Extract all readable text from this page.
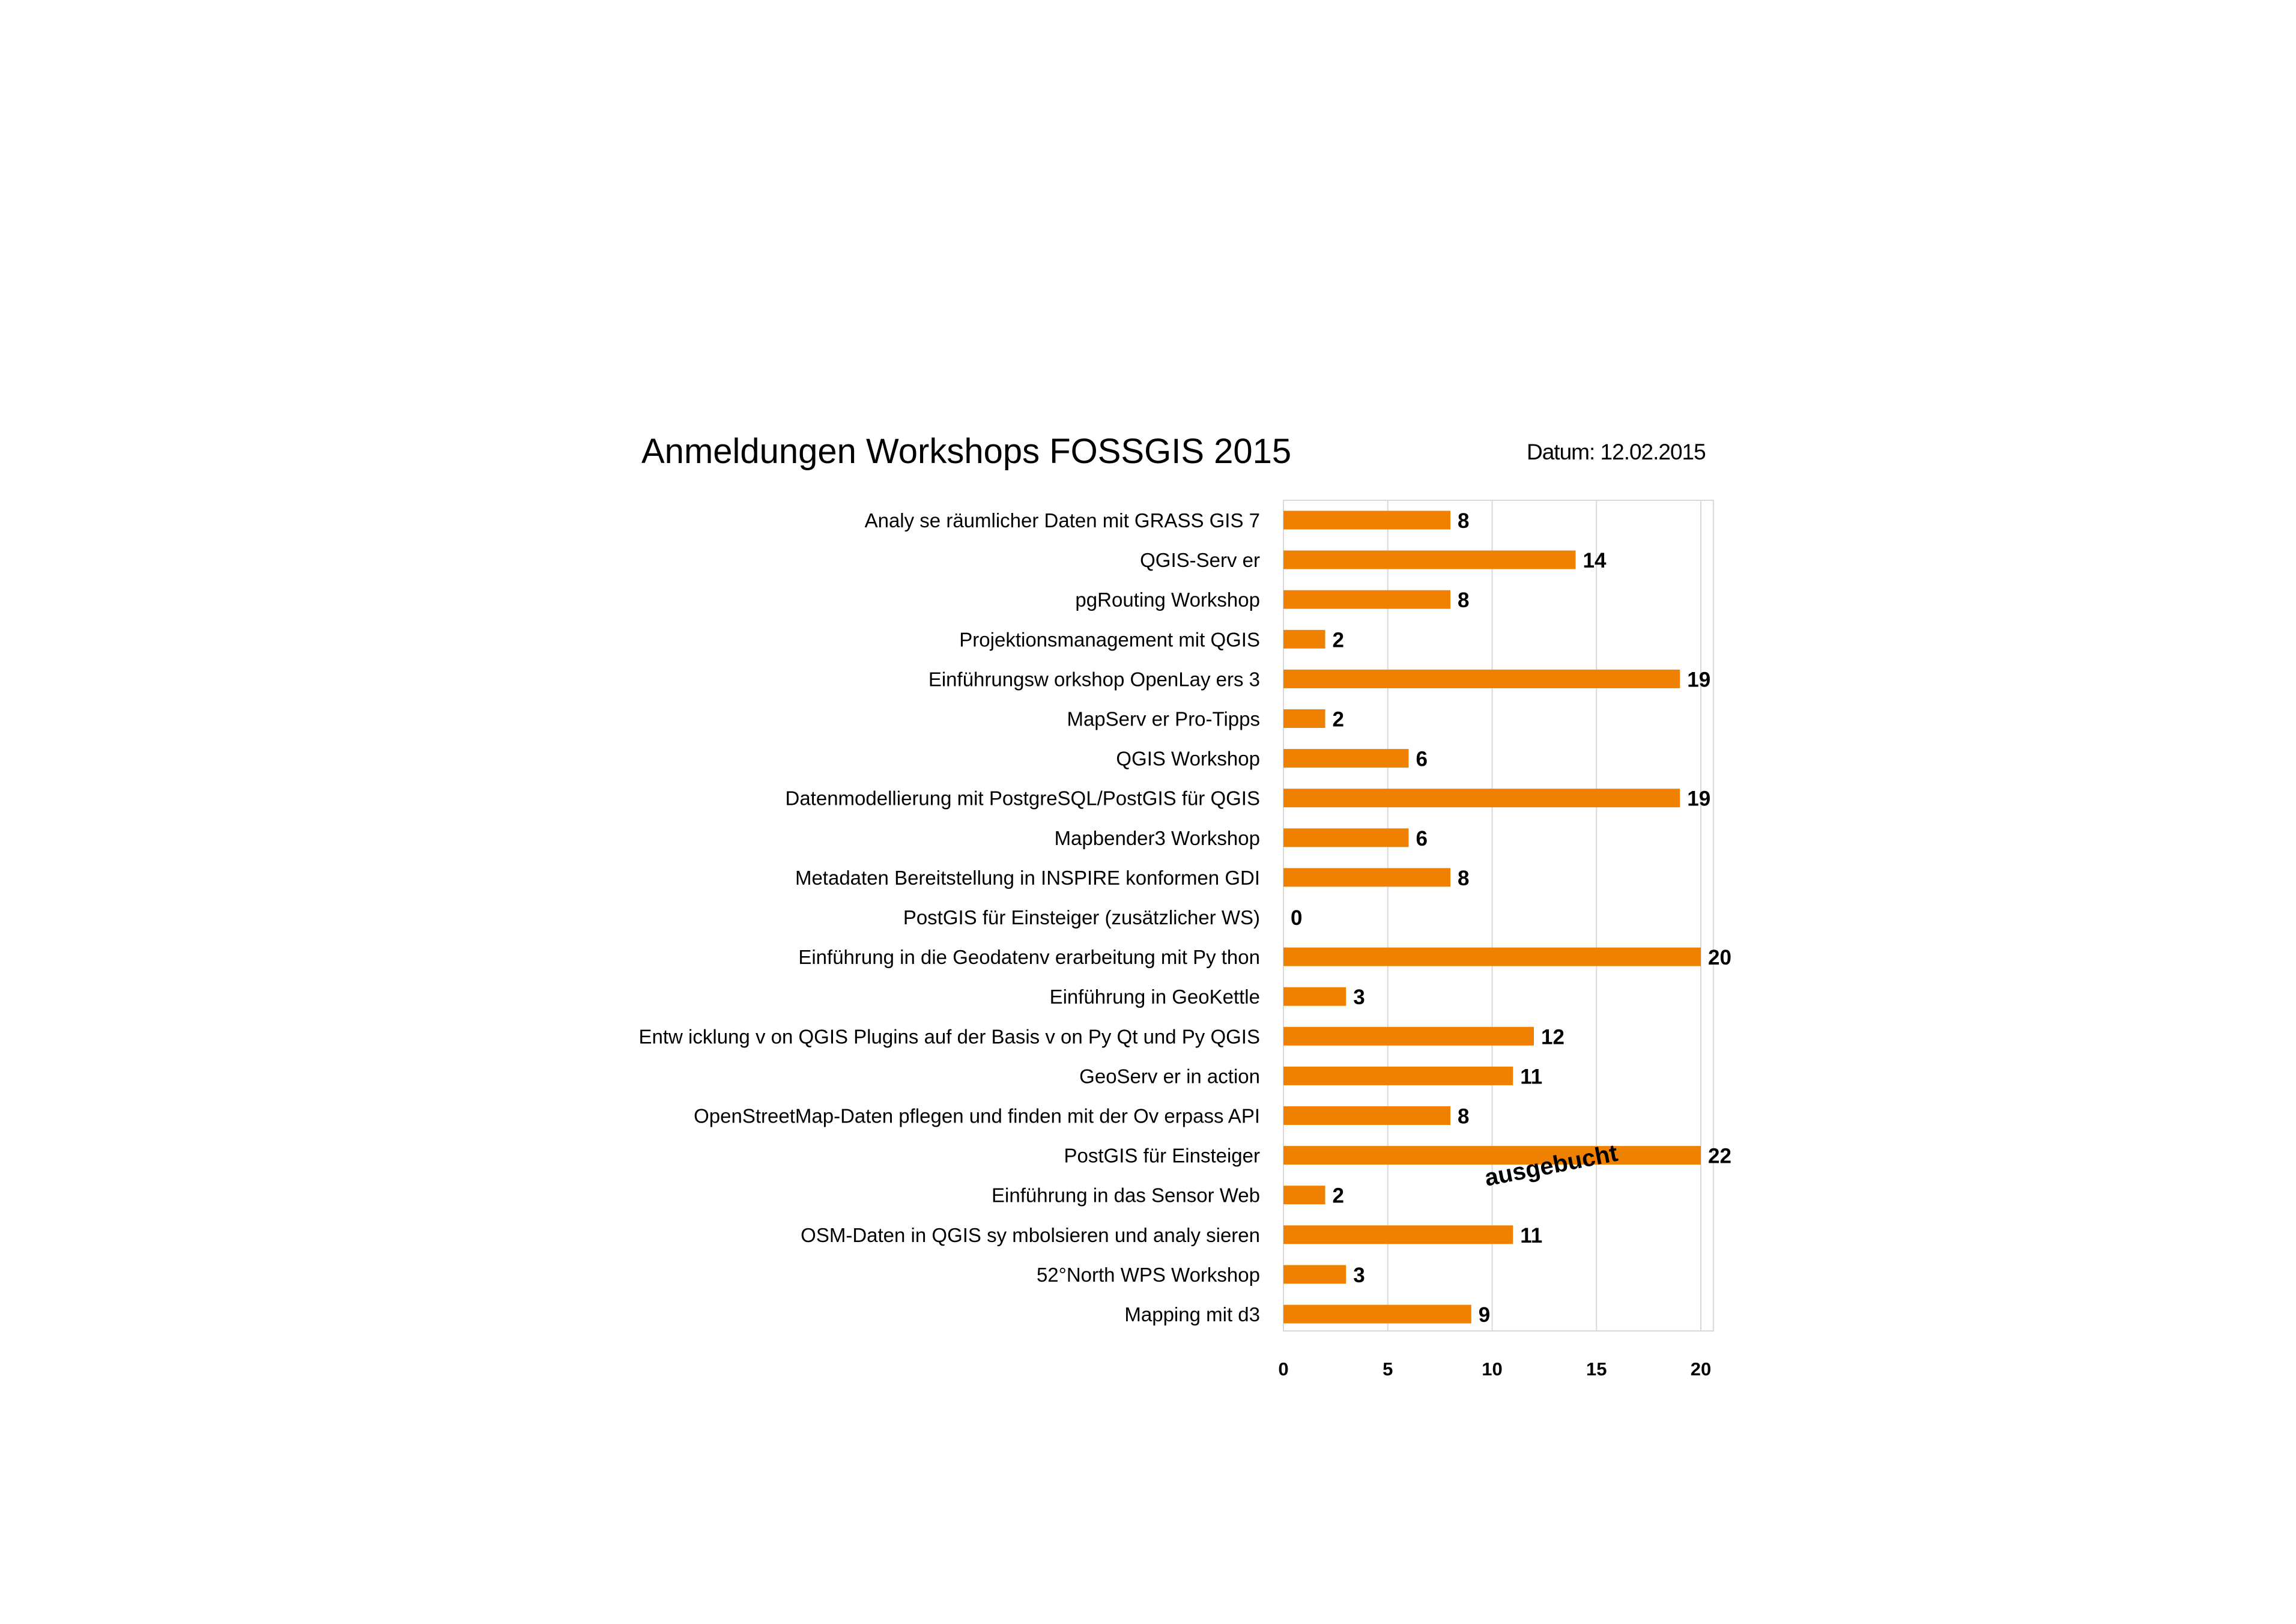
Anmeldungen Workshops FOSSGIS 2015	Datum: 12.02.2015
Analy se räumlicher Daten mit GRASS GIS 7
QGIS-Serv er
pgRouting Workshop
Projektionsmanagement mit QGIS
Einführungsw orkshop OpenLay ers 3
MapServ er Pro-Tipps
QGIS Workshop
Datenmodellierung mit PostgreSQL/PostGIS für QGIS
Mapbender3 Workshop
Metadaten Bereitstellung in INSPIRE konformen GDI
PostGIS für Einsteiger (zusätzlicher WS)
Einführung in die Geodatenv erarbeitung mit Py thon
Einführung in GeoKettle
Entw icklung v on QGIS Plugins auf der Basis v on Py Qt und Py QGIS
GeoServ er in action
OpenStreetMap-Daten pflegen und finden mit der Ov erpass API
PostGIS für Einsteiger
Einführung in das Sensor Web
OSM-Daten in QGIS sy mbolsieren und analy sieren
52°North WPS Workshop
Mapping mit d3
8
14
8
2
19
2
6
19
6
8
0
20
3
12
11
8
22
2
11
3
9
0	5	10	15	20
ausgebucht
